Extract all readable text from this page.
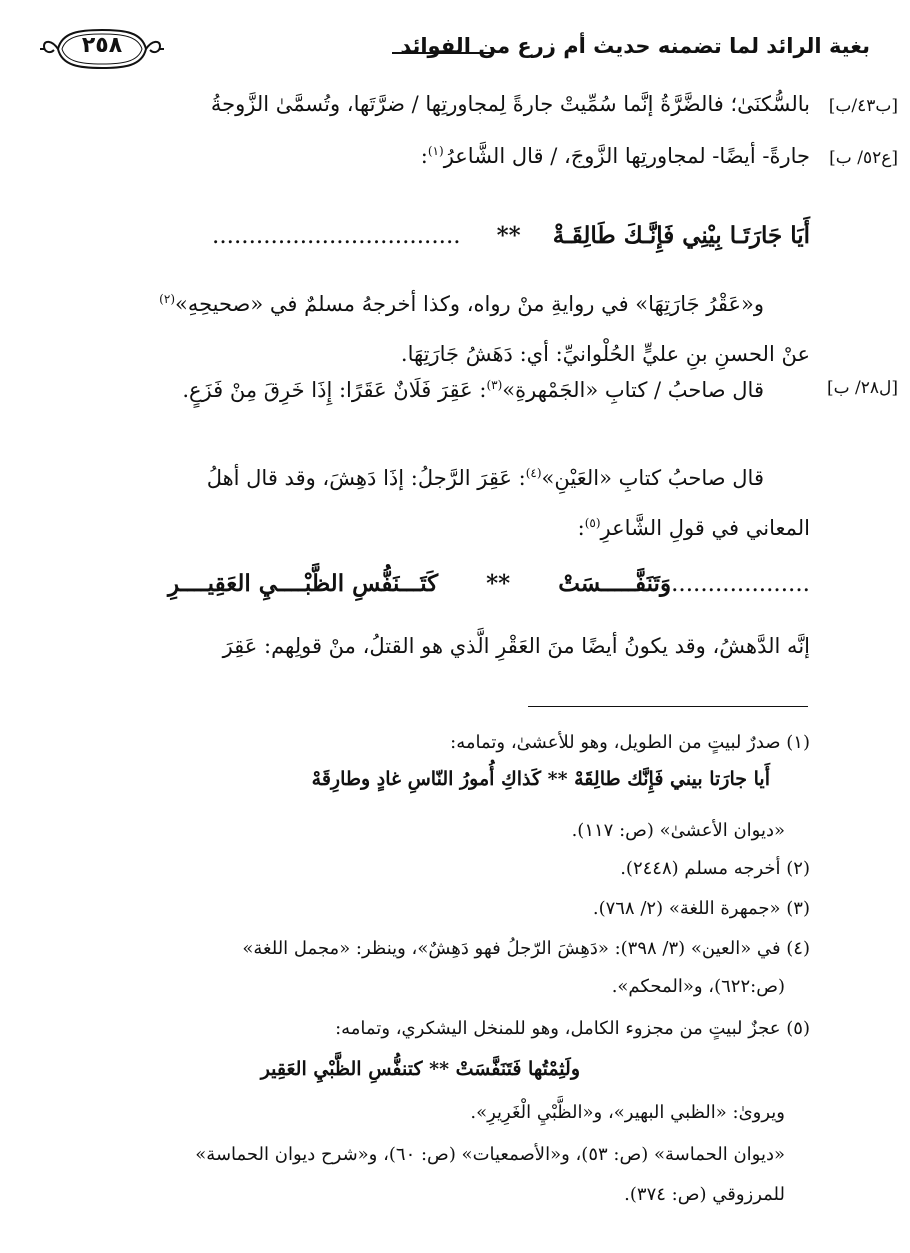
بغية الرائد لما تضمنه حديث أم زرع من الفوائد
٢٥٨
[ب٤٣/ب]
[ع٥٢/ ب]
[ل٢٨/ ب]
بالسُّكنَىٰ؛ فالضَّرَّةُ إنَّما سُمِّيتْ جارةً لِمجاورتِها / ضرَّتَها، وتُسمَّىٰ الزَّوجةُ
جارةً- أيضًا- لمجاورتِها الزَّوجَ، / قال الشَّاعرُ$^{(١)}$:
أَيَا جَارَتَـا بِيْنِي فَإِنَّـكَ طَالِقَـةْ ** ..................................
و«عَقْرُ جَارَتِهَا» في روايةِ منْ رواه، وكذا أخرجهُ مسلمٌ في «صحيحِهِ»$^{(٢)}$
عنْ الحسنِ بنِ عليٍّ الحُلْوانيِّ: أي: دَهَشُ جَارَتِهَا.
قال صاحبُ / كتابِ «الجَمْهرةِ»$^{(٣)}$: عَقِرَ فَلَانٌ عَقَرًا: إِذَا خَرِقَ مِنْ فَزَعٍ.
قال صاحبُ كتابِ «العَيْنِ»$^{(٤)}$: عَقِرَ الرَّجلُ: إذَا دَهِشَ، وقد قال أهلُ
المعاني في قولِ الشَّاعرِ$^{(٥)}$:
...................وَتَنَفَّـــــسَتْ ** كَتَـــنَفُّسِ الظَّبْــــيِ العَقِيــــرِ
إنَّه الدَّهشُ، وقد يكونُ أيضًا منَ العَقْرِ الَّذي هو القتلُ، منْ قولِهم: عَقِرَ
(١) صدرٌ لبيتٍ من الطويل، وهو للأعشىٰ، وتمامه:
أَيا جارَتا بيني فَإِنَّك طالِقَهْ ** كَذاكِ أُمورُ النّاسِ غادٍ وطارِقَهْ
«ديوان الأعشىٰ» (ص: ١١٧).
(٢) أخرجه مسلم (٢٤٤٨).
(٣) «جمهرة اللغة» (٢/ ٧٦٨).
(٤) في «العين» (٣/ ٣٩٨): «دَهِشَ الرّجلُ فهو دَهِشٌ»، وينظر: «مجمل اللغة»
(ص:٦٢٢)، و«المحكم».
(٥) عجزٌ لبيتٍ من مجزوء الكامل، وهو للمنخل اليشكري، وتمامه:
ولَثِمْتُها فَتَنَفَّسَتْ ** كتنفُّسِ الظَّبْيِ العَقِير
ويروىٰ: «الظبي البهير»، و«الظَّبْيِ الْغَرِيرِ».
«ديوان الحماسة» (ص: ٥٣)، و«الأصمعيات» (ص: ٦٠)، و«شرح ديوان الحماسة»
للمرزوقي (ص: ٣٧٤).
